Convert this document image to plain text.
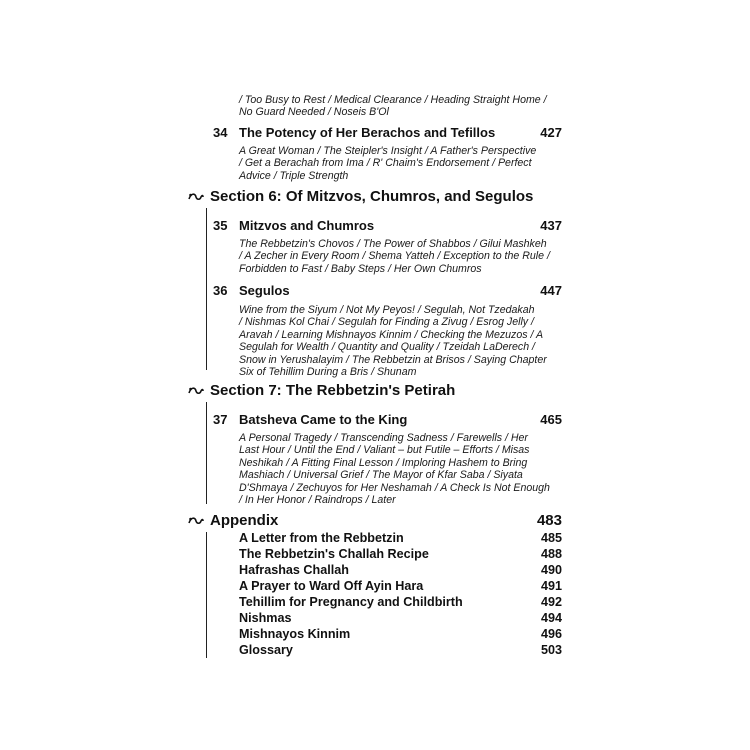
/ Too Busy to Rest / Medical Clearance / Heading Straight Home /
No Guard Needed / Noseis B'Ol
34 The Potency of Her Berachos and Tefillos	427
A Great Woman / The Steipler's Insight / A Father's Perspective
/ Get a Berachah from Ima / R' Chaim's Endorsement / Perfect
Advice / Triple Strength
Section 6: Of Mitzvos, Chumros, and Segulos
35 Mitzvos and Chumros	437
The Rebbetzin's Chovos / The Power of Shabbos / Gilui Mashkeh
/ A Zecher in Every Room / Shema Yatteh / Exception to the Rule /
Forbidden to Fast / Baby Steps / Her Own Chumros
36 Segulos	447
Wine from the Siyum / Not My Peyos! / Segulah, Not Tzedakah
/ Nishmas Kol Chai / Segulah for Finding a Zivug / Esrog Jelly /
Aravah / Learning Mishnayos Kinnim / Checking the Mezuzos / A
Segulah for Wealth / Quantity and Quality / Tzeidah LaDerech /
Snow in Yerushalayim / The Rebbetzin at Brisos / Saying Chapter
Six of Tehillim During a Bris / Shunam
Section 7: The Rebbetzin's Petirah
37 Batsheva Came to the King	465
A Personal Tragedy / Transcending Sadness / Farewells / Her
Last Hour / Until the End / Valiant – but Futile – Efforts / Misas
Neshikah / A Fitting Final Lesson / Imploring Hashem to Bring
Mashiach / Universal Grief / The Mayor of Kfar Saba / Siyata
D'Shmaya / Zechuyos for Her Neshamah / A Check Is Not Enough
/ In Her Honor / Raindrops / Later
Appendix	483
A Letter from the Rebbetzin	485
The Rebbetzin's Challah Recipe	488
Hafrashas Challah	490
A Prayer to Ward Off Ayin Hara	491
Tehillim for Pregnancy and Childbirth	492
Nishmas	494
Mishnayos Kinnim	496
Glossary	503
